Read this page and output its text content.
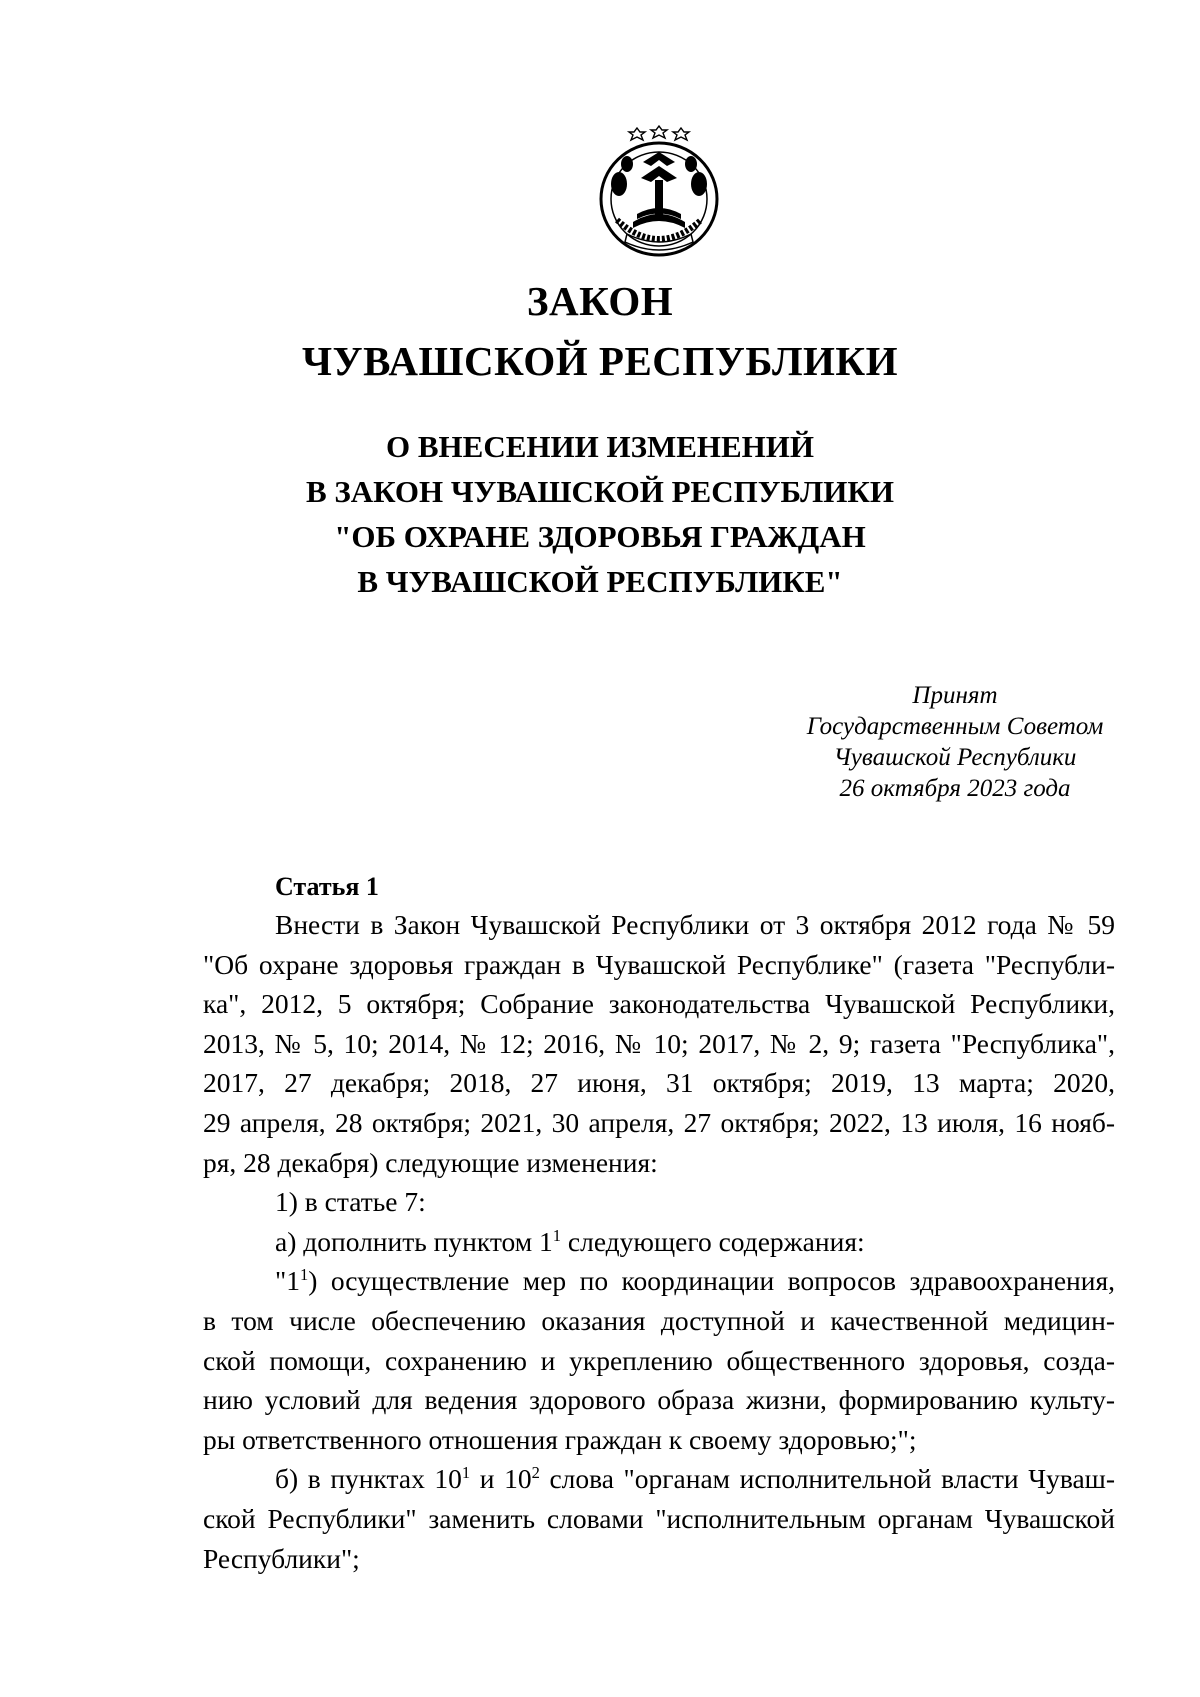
ЗАКОН
ЧУВАШСКОЙ РЕСПУБЛИКИ
О ВНЕСЕНИИ ИЗМЕНЕНИЙ
В ЗАКОН ЧУВАШСКОЙ РЕСПУБЛИКИ
"ОБ ОХРАНЕ ЗДОРОВЬЯ ГРАЖДАН
В ЧУВАШСКОЙ РЕСПУБЛИКЕ"
Принят
Государственным Советом
Чувашской Республики
26 октября 2023 года
Статья 1

Внести в Закон Чувашской Республики от 3 октября 2012 года № 59

"Об охране здоровья граждан в Чувашской Республике" (газета "Республи-

ка", 2012, 5 октября; Собрание законодательства Чувашской Республики,

2013, № 5, 10; 2014, № 12; 2016, № 10; 2017, № 2, 9; газета "Республика",

2017, 27 декабря; 2018, 27 июня, 31 октября; 2019, 13 марта; 2020,

29 апреля, 28 октября; 2021, 30 апреля, 27 октября; 2022, 13 июля, 16 нояб-

ря, 28 декабря) следующие изменения:

1) в статье 7:

а) дополнить пунктом $1^1$ следующего содержания:

"$1^1$) осуществление мер по координации вопросов здравоохранения,

в том числе обеспечению оказания доступной и качественной медицин-

ской помощи, сохранению и укреплению общественного здоровья, созда-

нию условий для ведения здорового образа жизни, формированию культу-

ры ответственного отношения граждан к своему здоровью;";

б) в пунктах $10^1$ и $10^2$ слова "органам исполнительной власти Чуваш-

ской Республики" заменить словами "исполнительным органам Чувашской

Республики";
